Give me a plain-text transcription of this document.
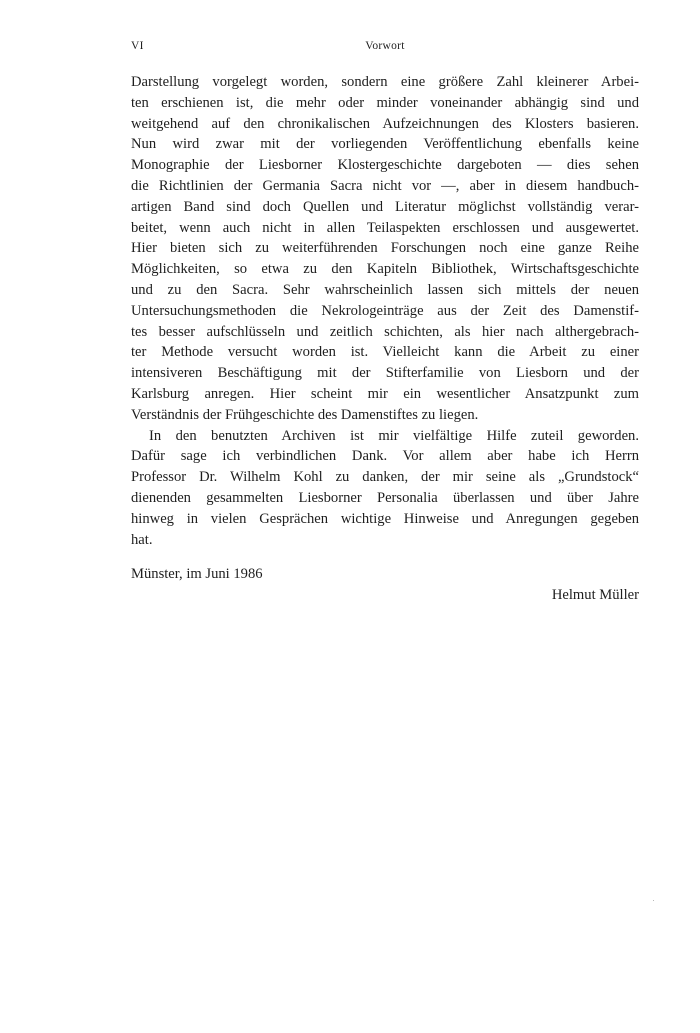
VI	Vorwort
Darstellung vorgelegt worden, sondern eine größere Zahl kleinerer Arbei-
ten erschienen ist, die mehr oder minder voneinander abhängig sind und
weitgehend auf den chronikalischen Aufzeichnungen des Klosters basieren.
Nun wird zwar mit der vorliegenden Veröffentlichung ebenfalls keine
Monographie der Liesborner Klostergeschichte dargeboten — dies sehen
die Richtlinien der Germania Sacra nicht vor —, aber in diesem handbuch-
artigen Band sind doch Quellen und Literatur möglichst vollständig verar-
beitet, wenn auch nicht in allen Teilaspekten erschlossen und ausgewertet.
Hier bieten sich zu weiterführenden Forschungen noch eine ganze Reihe
Möglichkeiten, so etwa zu den Kapiteln Bibliothek, Wirtschaftsgeschichte
und zu den Sacra. Sehr wahrscheinlich lassen sich mittels der neuen
Untersuchungsmethoden die Nekrologeinträge aus der Zeit des Damenstif-
tes besser aufschlüsseln und zeitlich schichten, als hier nach althergebrach-
ter Methode versucht worden ist. Vielleicht kann die Arbeit zu einer
intensiveren Beschäftigung mit der Stifterfamilie von Liesborn und der
Karlsburg anregen. Hier scheint mir ein wesentlicher Ansatzpunkt zum
Verständnis der Frühgeschichte des Damenstiftes zu liegen.
In den benutzten Archiven ist mir vielfältige Hilfe zuteil geworden.
Dafür sage ich verbindlichen Dank. Vor allem aber habe ich Herrn
Professor Dr. Wilhelm Kohl zu danken, der mir seine als „Grundstock“
dienenden gesammelten Liesborner Personalia überlassen und über Jahre
hinweg in vielen Gesprächen wichtige Hinweise und Anregungen gegeben
hat.
Münster, im Juni 1986
Helmut Müller
